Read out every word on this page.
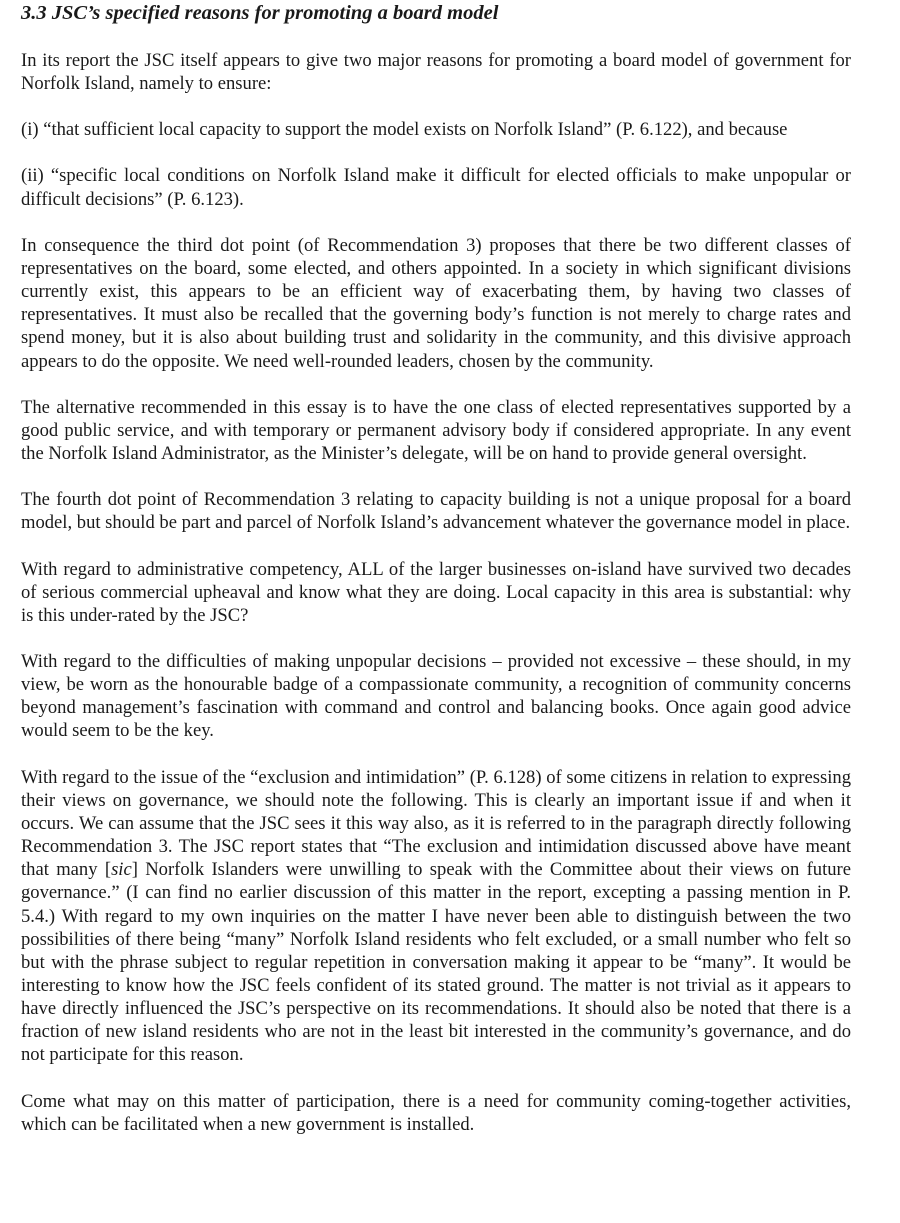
3.3 JSC’s specified reasons for promoting a board model

In its report the JSC itself appears to give two major reasons for promoting a board model of government for Norfolk Island, namely to ensure:

(i) “that sufficient local capacity to support the model exists on Norfolk Island” (P. 6.122), and because

(ii) “specific local conditions on Norfolk Island make it difficult for elected officials to make unpopular or difficult decisions” (P. 6.123).

In consequence the third dot point (of Recommendation 3) proposes that there be two different classes of representatives on the board, some elected, and others appointed. In a society in which significant divisions currently exist, this appears to be an efficient way of exacerbating them, by having two classes of representatives. It must also be recalled that the governing body’s function is not merely to charge rates and spend money, but it is also about building trust and solidarity in the community, and this divisive approach appears to do the opposite. We need well-rounded leaders, chosen by the community.

The alternative recommended in this essay is to have the one class of elected representatives supported by a good public service, and with temporary or permanent advisory body if considered appropriate. In any event the Norfolk Island Administrator, as the Minister’s delegate, will be on hand to provide general oversight.

The fourth dot point of Recommendation 3 relating to capacity building is not a unique proposal for a board model, but should be part and parcel of Norfolk Island’s advancement whatever the governance model in place.

With regard to administrative competency, ALL of the larger businesses on-island have survived two decades of serious commercial upheaval and know what they are doing. Local capacity in this area is substantial: why is this under-rated by the JSC?

With regard to the difficulties of making unpopular decisions – provided not excessive – these should, in my view, be worn as the honourable badge of a compassionate community, a recognition of community concerns beyond management’s fascination with command and control and balancing books. Once again good advice would seem to be the key.

With regard to the issue of the “exclusion and intimidation” (P. 6.128) of some citizens in relation to expressing their views on governance, we should note the following. This is clearly an important issue if and when it occurs. We can assume that the JSC sees it this way also, as it is referred to in the paragraph directly following Recommendation 3. The JSC report states that “The exclusion and intimidation discussed above have meant that many [sic] Norfolk Islanders were unwilling to speak with the Committee about their views on future governance.” (I can find no earlier discussion of this matter in the report, excepting a passing mention in P. 5.4.) With regard to my own inquiries on the matter I have never been able to distinguish between the two possibilities of there being “many” Norfolk Island residents who felt excluded, or a small number who felt so but with the phrase subject to regular repetition in conversation making it appear to be “many”. It would be interesting to know how the JSC feels confident of its stated ground. The matter is not trivial as it appears to have directly influenced the JSC’s perspective on its recommendations. It should also be noted that there is a fraction of new island residents who are not in the least bit interested in the community’s governance, and do not participate for this reason.

Come what may on this matter of participation, there is a need for community coming-together activities, which can be facilitated when a new government is installed.
